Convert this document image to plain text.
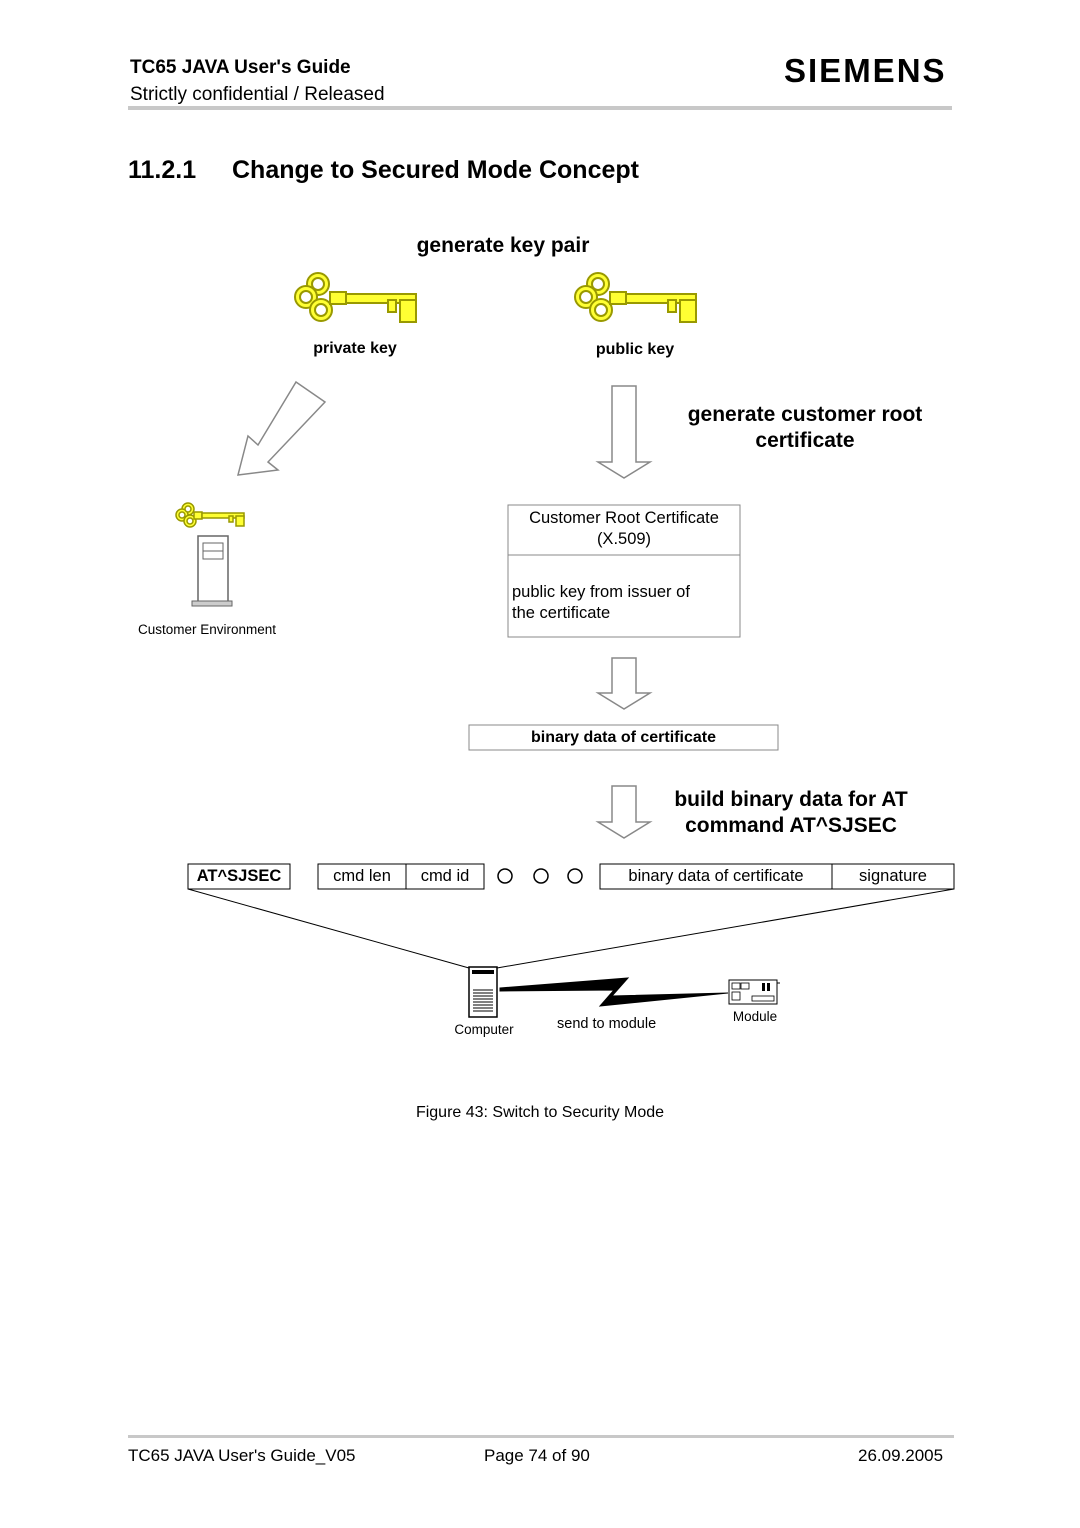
TC65 JAVA User's Guide
Strictly confidential / Released
SIEMENS
11.2.1 Change to Secured Mode Concept
generate key pair
private key	public key
generate customer root
certificate
Customer Environment
Customer Root Certificate
(X.509)
public key from issuer of
the certificate
binary data of certificate
build binary data for AT
command AT^SJSEC
AT^SJSEC	cmd len	cmd id	binary data of certificate	signature
Computer	send to module	Module
Figure 43: Switch to Security Mode
TC65 JAVA User's Guide_V05	Page 74 of 90	26.09.2005
